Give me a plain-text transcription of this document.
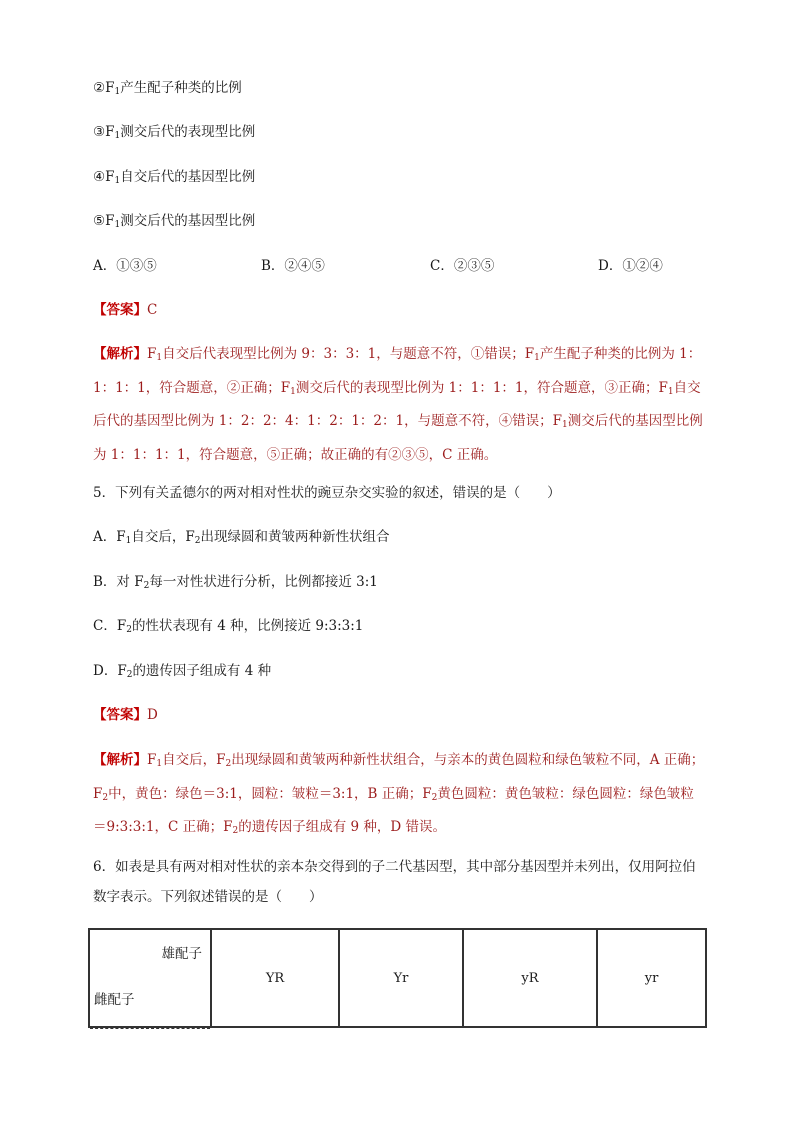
$②F_1$产生配子种类的比例
$③F_1$测交后代的表现型比例
$④F_1$自交后代的基因型比例
$⑤F_1$测交后代的基因型比例
A．①③⑤	B．②④⑤	C．②③⑤	D．①②④
【答案】C
【解析】$F_1$自交后代表现型比例为 9：3：3：1，与题意不符，①错误；$F_1$产生配子种类的比例为 1：1：1：1，符合题意，②正确；$F_1$测交后代的表现型比例为 1：1：1：1，符合题意，③正确；$F_1$自交后代的基因型比例为 1：2：2：4：1：2：1：2：1，与题意不符，④错误；$F_1$测交后代的基因型比例为 1：1：1：1，符合题意，⑤正确；故正确的有②③⑤，C 正确。
5．下列有关孟德尔的两对相对性状的豌豆杂交实验的叙述，错误的是（　　）
A．$F_1$自交后，$F_2$出现绿圆和黄皱两种新性状组合
B．对 $F_2$每一对性状进行分析，比例都接近 3:1
C．$F_2$的性状表现有 4 种，比例接近 9:3:3:1
D．$F_2$的遗传因子组成有 4 种
【答案】D
【解析】$F_1$自交后，$F_2$出现绿圆和黄皱两种新性状组合，与亲本的黄色圆粒和绿色皱粒不同，A 正确；$F_2$中，黄色：绿色＝3:1，圆粒：皱粒＝3:1，B 正确；$F_2$黄色圆粒：黄色皱粒：绿色圆粒：绿色皱粒＝9:3:3:1，C 正确；$F_2$的遗传因子组成有 9 种，D 错误。
6．如表是具有两对相对性状的亲本杂交得到的子二代基因型，其中部分基因型并未列出，仅用阿拉伯数字表示。下列叙述错误的是（　　）
雄配子
雌配子
	YR	Yr	yR	yr
